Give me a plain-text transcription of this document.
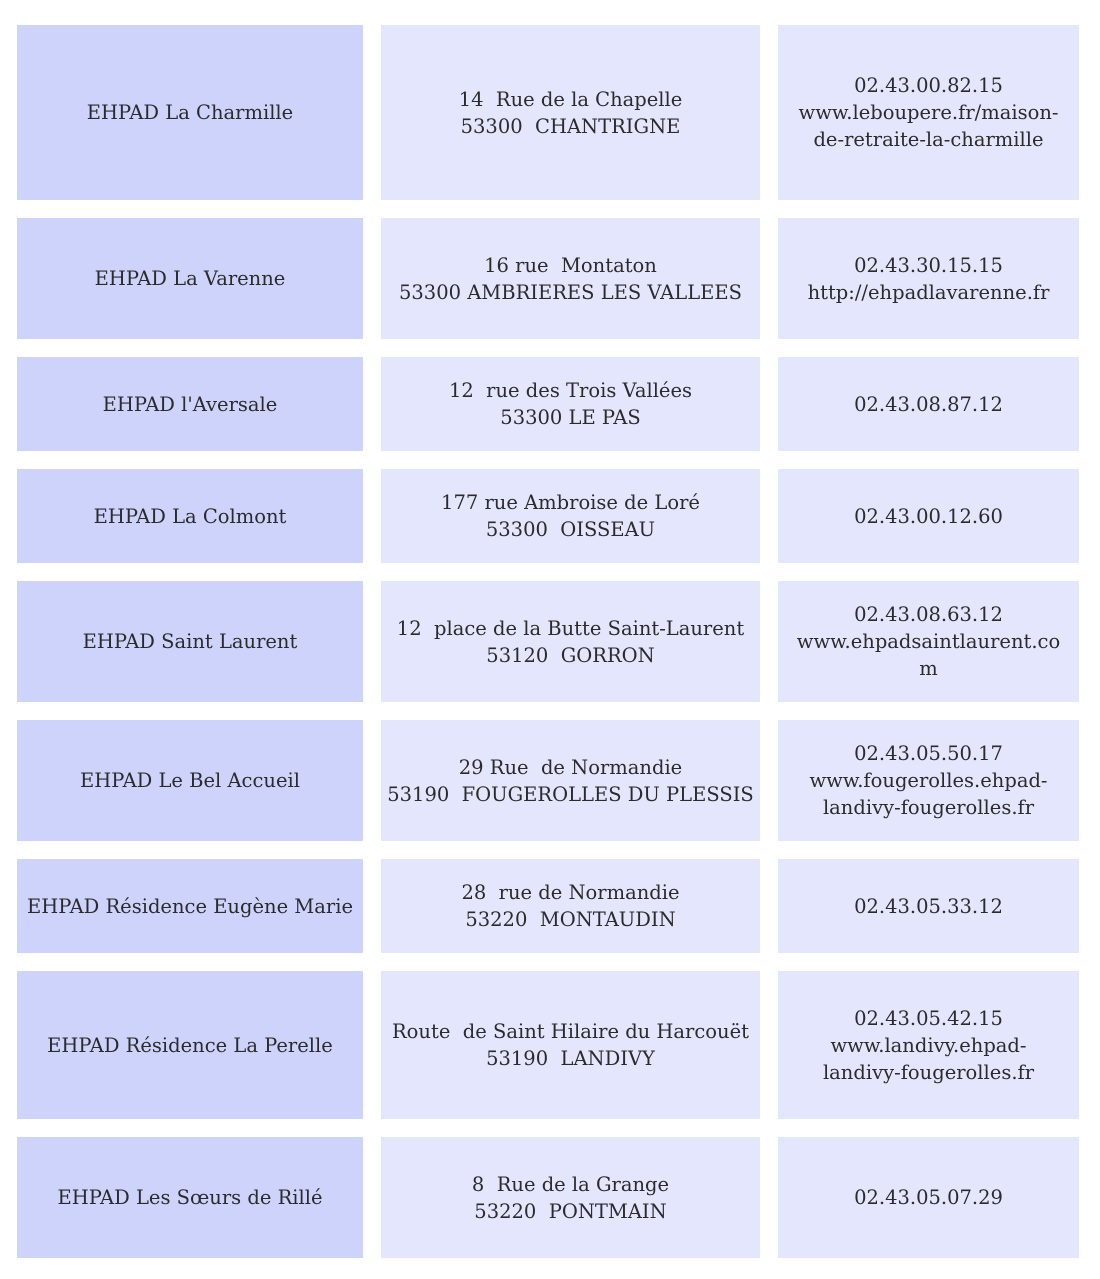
EHPAD La Charmille
14  Rue de la Chapelle
53300  CHANTRIGNE
02.43.00.82.15
www.leboupere.fr/maison-
de-retraite-la-charmille
EHPAD La Varenne
16 rue  Montaton
53300 AMBRIERES LES VALLEES
02.43.30.15.15
http://ehpadlavarenne.fr
EHPAD l'Aversale
12  rue des Trois Vallées
53300 LE PAS
02.43.08.87.12
EHPAD La Colmont
177 rue Ambroise de Loré
53300  OISSEAU
02.43.00.12.60
EHPAD Saint Laurent
12  place de la Butte Saint-Laurent
53120  GORRON
02.43.08.63.12
www.ehpadsaintlaurent.co
m
EHPAD Le Bel Accueil
29 Rue  de Normandie
53190  FOUGEROLLES DU PLESSIS
02.43.05.50.17
www.fougerolles.ehpad-
landivy-fougerolles.fr
EHPAD Résidence Eugène Marie
28  rue de Normandie
53220  MONTAUDIN
02.43.05.33.12
EHPAD Résidence La Perelle
Route  de Saint Hilaire du Harcouët
53190  LANDIVY
02.43.05.42.15
www.landivy.ehpad-
landivy-fougerolles.fr
EHPAD Les Sœurs de Rillé
8  Rue de la Grange
53220  PONTMAIN
02.43.05.07.29
